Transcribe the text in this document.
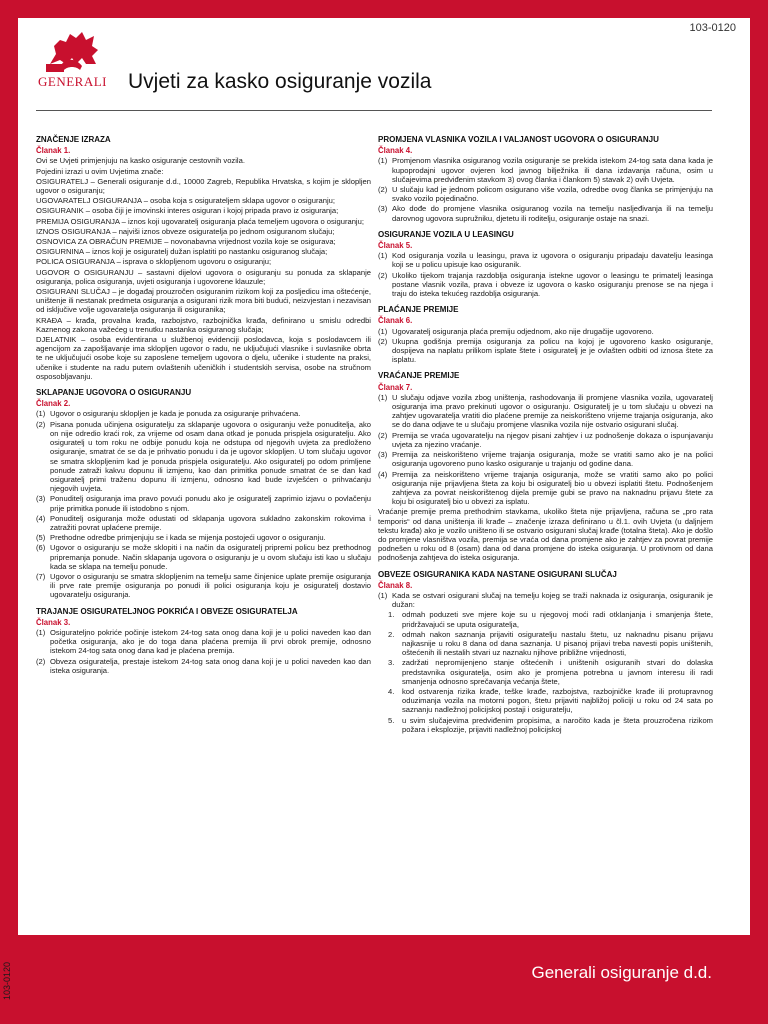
GENERALI
103-0120
Uvjeti za kasko osiguranje vozila
ZNAČENJE IZRAZA
Članak 1.
Ovi se Uvjeti primjenjuju na kasko osiguranje cestovnih vozila.
Pojedini izrazi u ovim Uvjetima znače:
OSIGURATELJ – Generali osiguranje d.d., 10000 Zagreb, Republika Hrvatska, s kojim je sklopljen ugovor o osiguranju;
UGOVARATELJ OSIGURANJA – osoba koja s osigurateljem sklapa ugovor o osiguranju;
OSIGURANIK – osoba čiji je imovinski interes osiguran i kojoj pripada pravo iz osiguranja;
PREMIJA OSIGURANJA – iznos koji ugovaratelj osiguranja plaća temeljem ugovora o osiguranju;
IZNOS OSIGURANJA – najviši iznos obveze osiguratelja po jednom osiguranom slučaju;
OSNOVICA ZA OBRAČUN PREMIJE – novonabavna vrijednost vozila koje se osigurava;
OSIGURNINA – iznos koji je osiguratelj dužan isplatiti po nastanku osiguranog slučaja;
POLICA OSIGURANJA – isprava o sklopljenom ugovoru o osiguranju;
UGOVOR O OSIGURANJU – sastavni dijelovi ugovora o osiguranju su ponuda za sklapanje osiguranja, polica osiguranja, uvjeti osiguranja i ugovorene klauzule;
OSIGURANI SLUČAJ – je događaj prouzročen osiguranim rizikom koji za posljedicu ima oštećenje, uništenje ili nestanak predmeta osiguranja a osigurani rizik mora biti budući, neizvjestan i nezavisan od isključive volje ugovaratelja osiguranja ili osiguranika;
KRAĐA – krađa, provalna krađa, razbojstvo, razbojnička krađa, definirano u smislu odredbi Kaznenog zakona važećeg u trenutku nastanka osiguranog slučaja;
DJELATNIK – osoba evidentirana u službenoj evidenciji poslodavca, koja s poslodavcem ili agencijom za zapošljavanje ima sklopljen ugovor o radu, ne uključujući vlasnike i suvlasnike obrta te ne uključujući osobe koje su zaposlene temeljem ugovora o djelu, učenike i studente na praksi, učenike i studente na radu putem ovlaštenih učeničkih i studentskih servisa, osobe na stručnom osposobljavanju.
SKLAPANJE UGOVORA O OSIGURANJU
Članak 2.
(1) Ugovor o osiguranju sklopljen je kada je ponuda za osiguranje prihvaćena.
(2) Pisana ponuda učinjena osiguratelju za sklapanje ugovora o osiguranju veže ponuditelja, ako on nije odredio kraći rok, za vrijeme od osam dana otkad je ponuda prispjela osiguratelju. Ako osiguratelj u tom roku ne odbije ponudu koja ne odstupa od njegovih uvjeta za predloženo osiguranje, smatrat će se da je prihvatio ponudu i da je ugovor sklopljen. U tom slučaju ugovor se smatra sklopljenim kad je ponuda prispjela osiguratelju. Ako osiguratelj po odom primljene ponude zatraži kakvu dopunu ili izmjenu, kao dan primitka ponude smatrat će se dan kad osiguratelj primi traženu dopunu ili izmjenu, odnosno kad bude izvješćen o prihvaćanju njegovih uvjeta.
(3) Ponuditelj osiguranja ima pravo povući ponudu ako je osiguratelj zaprimio izjavu o povlačenju prije primitka ponude ili istodobno s njom.
(4) Ponuditelj osiguranja može odustati od sklapanja ugovora sukladno zakonskim rokovima i zatražiti povrat uplaćene premije.
(5) Prethodne odredbe primjenjuju se i kada se mijenja postojeći ugovor o osiguranju.
(6) Ugovor o osiguranju se može sklopiti i na način da osiguratelj pripremi policu bez prethodnog pripremanja ponude. Način sklapanja ugovora o osiguranju je u ovom slučaju isti kao u slučaju kada se sklapa na temelju ponude.
(7) Ugovor o osiguranju se smatra sklopljenim na temelju same činjenice uplate premije osiguranja ili prve rate premije osiguranja po ponudi ili polici osiguranja koju je osiguratelj dostavio ugovaratelju osiguranja.
TRAJANJE OSIGURATELJNOG POKRIĆA I OBVEZE OSIGURATELJA
Članak 3.
(1) Osigurateljno pokriće počinje istekom 24-tog sata onog dana koji je u polici naveden kao dan početka osiguranja, ako je do toga dana plaćena premija ili prvi obrok premije, odnosno istekom 24-tog sata onog dana kad je plaćena premija.
(2) Obveza osiguratelja, prestaje istekom 24-tog sata onog dana koji je u polici naveden kao dan isteka osiguranja.
PROMJENA VLASNIKA VOZILA I VALJANOST UGOVORA O OSIGURANJU
Članak 4.
(1) Promjenom vlasnika osiguranog vozila osiguranje se prekida istekom 24-tog sata dana kada je kupoprodajni ugovor ovjeren kod javnog bilježnika ili dana izdavanja računa, osim u slučajevima predviđenim stavkom 3) ovog članka i člankom 5) stavak 2) ovih Uvjeta.
(2) U slučaju kad je jednom policom osigurano više vozila, odredbe ovog članka se primjenjuju na svako vozilo pojedinačno.
(3) Ako dođe do promjene vlasnika osiguranog vozila na temelju nasljeđivanja ili na temelju darovnog ugovora supružniku, djetetu ili roditelju, osiguranje ostaje na snazi.
OSIGURANJE VOZILA U LEASINGU
Članak 5.
(1) Kod osiguranja vozila u leasingu, prava iz ugovora o osiguranju pripadaju davatelju leasinga koji se u policu upisuje kao osiguranik.
(2) Ukoliko tijekom trajanja razdoblja osiguranja istekne ugovor o leasingu te primatelj leasinga postane vlasnik vozila, prava i obveze iz ugovora o kasko osiguranju prenose se na njega i traju do isteka tekućeg razdoblja osiguranja.
PLAĆANJE PREMIJE
Članak 6.
(1) Ugovaratelj osiguranja plaća premiju odjednom, ako nije drugačije ugovoreno.
(2) Ukupna godišnja premija osiguranja za policu na kojoj je ugovoreno kasko osiguranje, dospijeva na naplatu prilikom isplate štete i osiguratelj je je ovlašten odbiti od iznosa štete za isplatu.
VRAĆANJE PREMIJE
Članak 7.
(1) U slučaju odjave vozila zbog uništenja, rashodovanja ili promjene vlasnika vozila, ugovaratelj osiguranja ima pravo prekinuti ugovor o osiguranju. Osiguratelj je u tom slučaju u obvezi na zahtjev ugovaratelja vratiti dio plaćene premije za neiskorišteno vrijeme trajanja osiguranja, ako se do dana odjave te u slučaju promjene vlasnika vozila nije ostvario osigurani slučaj.
(2) Premija se vraća ugovaratelju na njegov pisani zahtjev i uz podnošenje dokaza o ispunjavanju uvjeta za njezino vraćanje.
(3) Premija za neiskorišteno vrijeme trajanja osiguranja, može se vratiti samo ako je na polici osiguranja ugovoreno puno kasko osiguranje u trajanju od godine dana.
(4) Premija za neiskorišteno vrijeme trajanja osiguranja, može se vratiti samo ako po polici osiguranja nije prijavljena šteta za koju bi osiguratelj bio u obvezi isplatiti štetu. Podnošenjem zahtjeva za povrat neiskorištenog dijela premije gubi se pravo na naknadnu prijavu štete za koju bi osiguratelj bio u obvezi za isplatu.
Vraćanje premije prema prethodnim stavkama, ukoliko šteta nije prijavljena, računa se „pro rata temporis“ od dana uništenja ili krađe – značenje izraza definirano u čl.1. ovih Uvjeta (u daljnjem tekstu krađa) ako je vozilo uništeno ili se ostvario osigurani slučaj krađe (totalna šteta). Ako je došlo do promjene vlasništva vozila, premija se vraća od dana promjene ako je zahtjev za povrat premije podnešen u roku od 8 (osam) dana od dana promjene do isteka osiguranja. U protivnom od dana podnošenja zahtjeva do isteka osiguranja.
OBVEZE OSIGURANIKA KADA NASTANE OSIGURANI SLUČAJ
Članak 8.
(1) Kada se ostvari osigurani slučaj na temelju kojeg se traži naknada iz osiguranja, osiguranik je dužan:
1.	odmah poduzeti sve mjere koje su u njegovoj moći radi otklanjanja i smanjenja štete, pridržavajući se uputa osiguratelja,
2.	odmah nakon saznanja prijaviti osiguratelju nastalu štetu, uz naknadnu pisanu prijavu najkasnije u roku 8 dana od dana saznanja. U pisanoj prijavi treba navesti popis uništenih, oštećenih ili nestalih stvari uz naznaku njihove približne vrijednosti,
3.	zadržati nepromijenjeno stanje oštećenih i uništenih osiguranih stvari do dolaska predstavnika osiguratelja, osim ako je promjena potrebna u javnom interesu ili radi smanjenja odnosno sprečavanja većanja štete,
4.	kod ostvarenja rizika krađe, teške krađe, razbojstva, razbojničke krađe ili protupravnog oduzimanja vozila na motorni pogon, štetu prijaviti najbližoj policiji u roku od 24 sata po saznanju nadležnoj policijskoj postaji i osiguratelju,
5.	u svim slučajevima predviđenim propisima, a naročito kada je šteta prouzročena rizikom požara i eksplozije, prijaviti nadležnoj policijskoj
Generali osiguranje d.d.
103-0120
